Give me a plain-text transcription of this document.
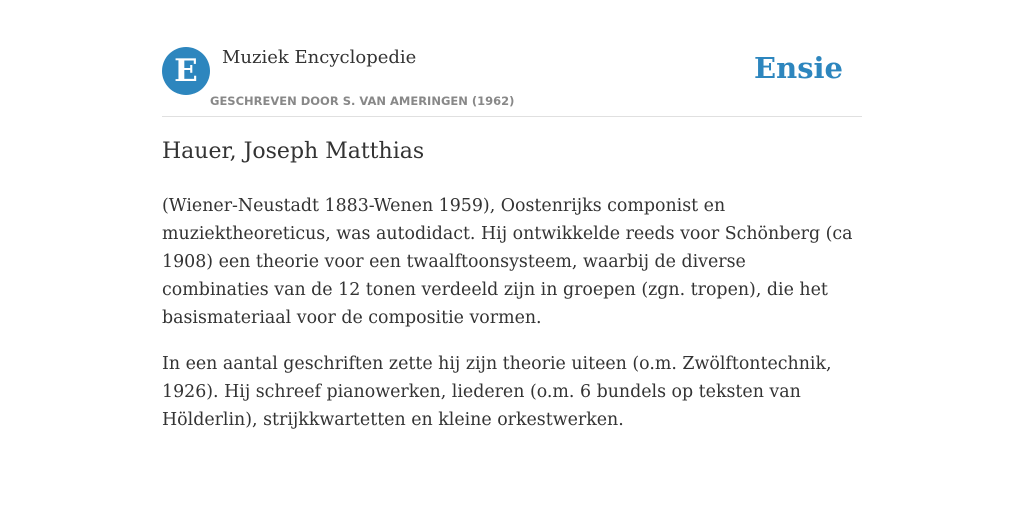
E	Muziek Encyclopedie
GESCHREVEN DOOR S. VAN AMERINGEN (1962)
Ensie
Hauer, Joseph Matthias

(Wiener-Neustadt 1883-Wenen 1959), Oostenrijks componist en muziektheoreticus, was autodidact. Hij ontwikkelde reeds voor Schönberg (ca 1908) een theorie voor een twaalftoonsysteem, waarbij de diverse combinaties van de 12 tonen verdeeld zijn in groepen (zgn. tropen), die het basismateriaal voor de compositie vormen.

In een aantal geschriften zette hij zijn theorie uiteen (o.m. Zwölftontechnik, 1926). Hij schreef pianowerken, liederen (o.m. 6 bundels op teksten van Hölderlin), strijkkwartetten en kleine orkestwerken.
